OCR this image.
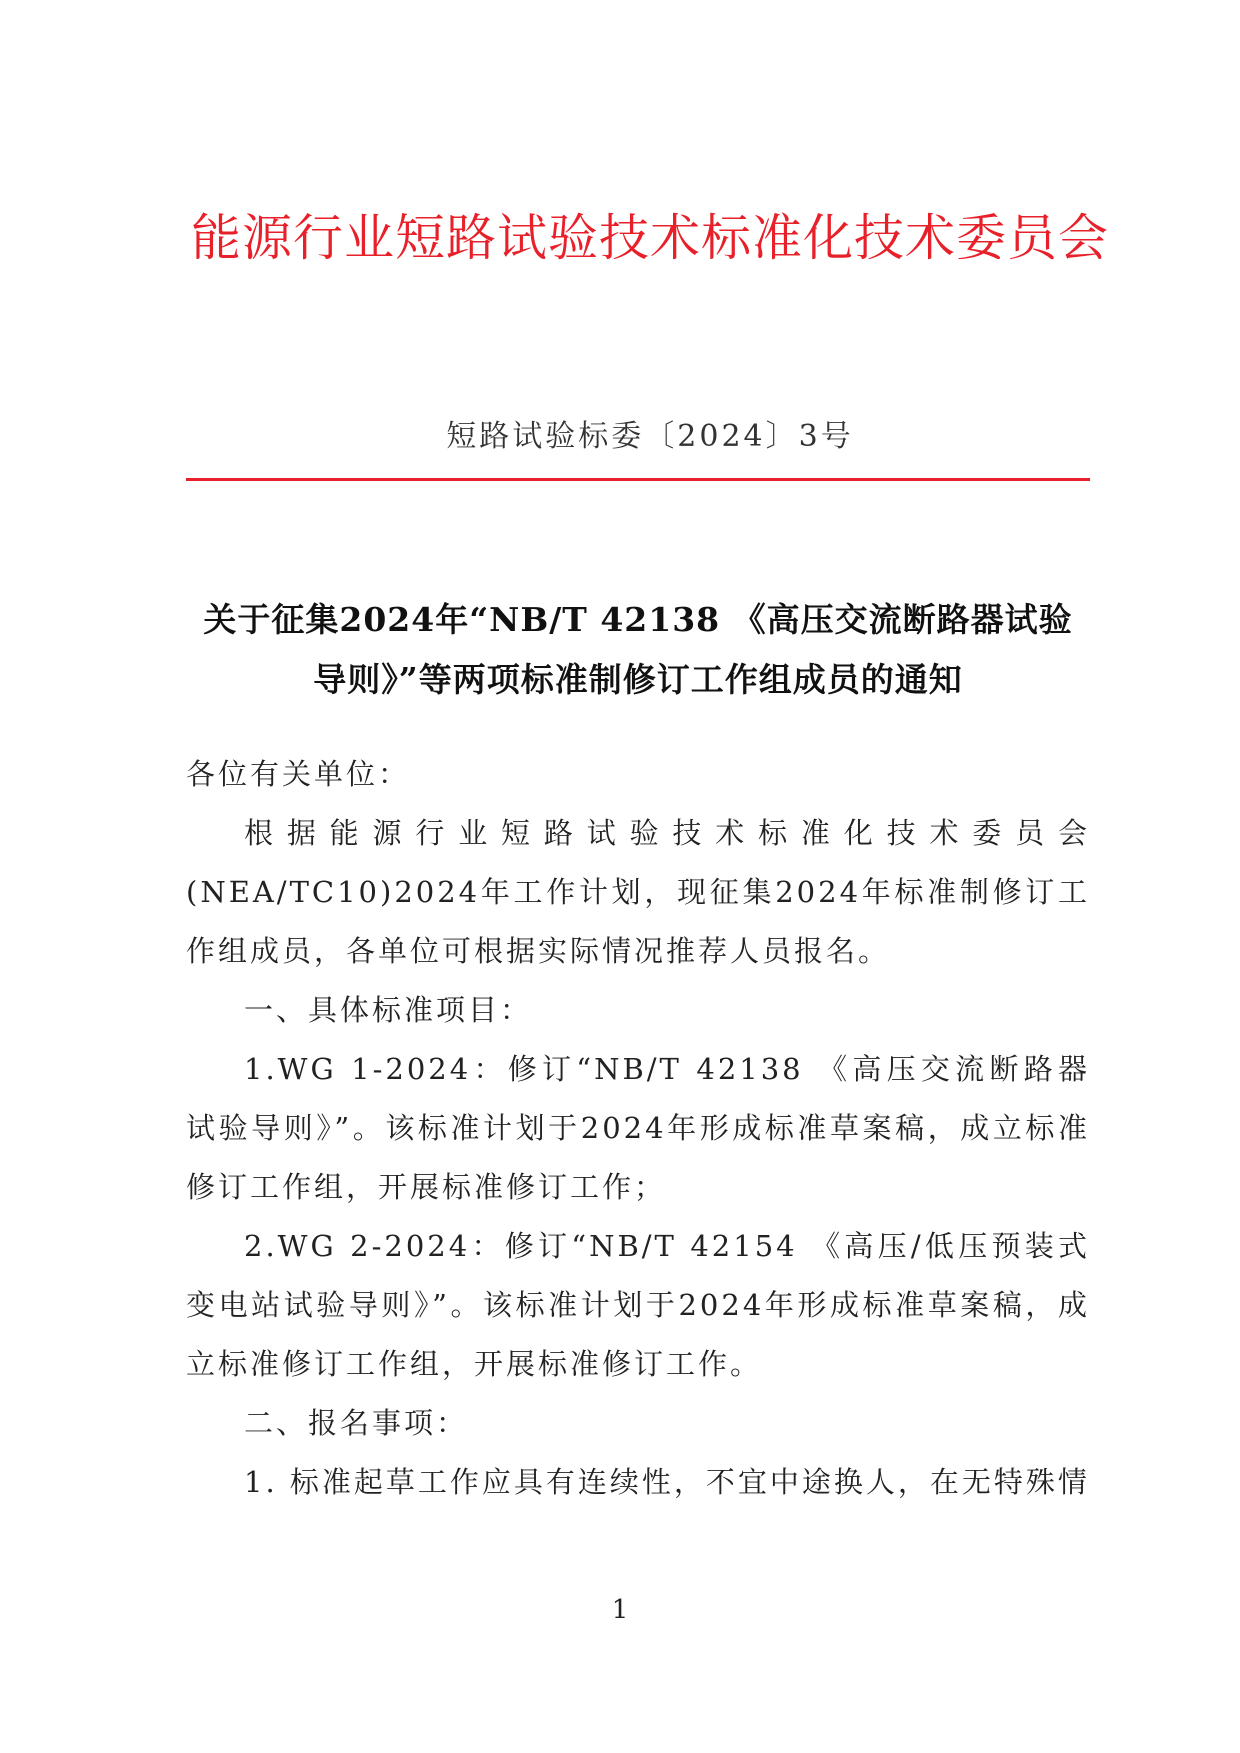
能源行业短路试验技术标准化技术委员会
短路试验标委〔2024〕3号
关于征集2024年“NB/T 42138 《高压交流断路器试验
导则》”等两项标准制修订工作组成员的通知

各位有关单位：

根据能源行业短路试验技术标准化技术委员会(NEA/TC10)2024年工作计划，现征集2024年标准制修订工作组成员，各单位可根据实际情况推荐人员报名。

一、具体标准项目：

1.WG 1-2024：修订“NB/T 42138 《高压交流断路器试验导则》”。该标准计划于2024年形成标准草案稿，成立标准修订工作组，开展标准修订工作；

2.WG 2-2024：修订“NB/T 42154 《高压/低压预装式变电站试验导则》”。该标准计划于2024年形成标准草案稿，成立标准修订工作组，开展标准修订工作。

二、报名事项：

1. 标准起草工作应具有连续性，不宜中途换人，在无特殊情

1
